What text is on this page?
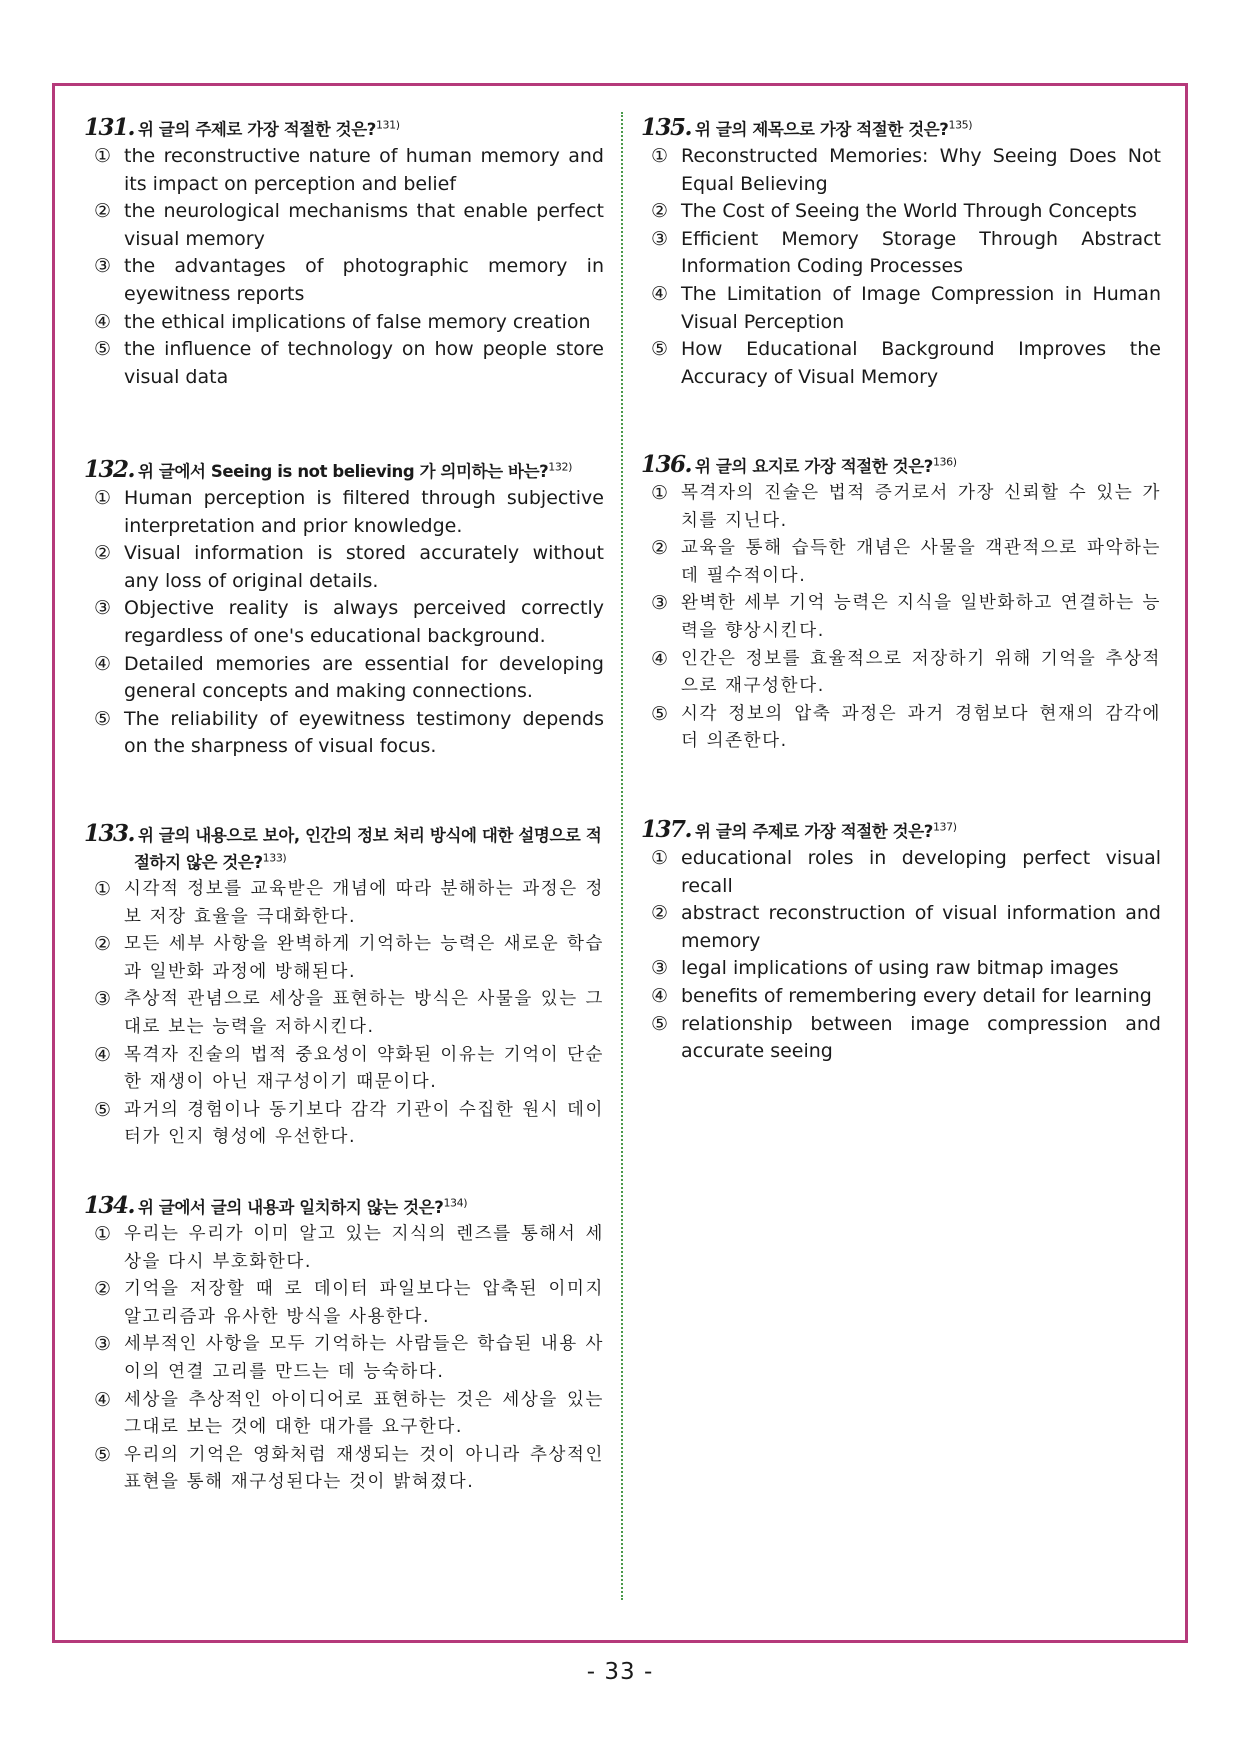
131. 위 글의 주제로 가장 적절한 것은?$^{131)}$
① the reconstructive nature of human memory and its impact on perception and belief
② the neurological mechanisms that enable perfect visual memory
③ the advantages of photographic memory in eyewitness reports
④ the ethical implications of false memory creation
⑤ the influence of technology on how people store visual data
132. 위 글에서 Seeing is not believing 가 의미하는 바는?$^{132)}$
① Human perception is filtered through subjective interpretation and prior knowledge.
② Visual information is stored accurately without any loss of original details.
③ Objective reality is always perceived correctly regardless of one's educational background.
④ Detailed memories are essential for developing general concepts and making connections.
⑤ The reliability of eyewitness testimony depends on the sharpness of visual focus.
133. 위 글의 내용으로 보아, 인간의 정보 처리 방식에 대한 설명으로 적절하지 않은 것은?$^{133)}$
① 시각적 정보를 교육받은 개념에 따라 분해하는 과정은 정보 저장 효율을 극대화한다.
② 모든 세부 사항을 완벽하게 기억하는 능력은 새로운 학습과 일반화 과정에 방해된다.
③ 추상적 관념으로 세상을 표현하는 방식은 사물을 있는 그대로 보는 능력을 저하시킨다.
④ 목격자 진술의 법적 중요성이 약화된 이유는 기억이 단순한 재생이 아닌 재구성이기 때문이다.
⑤ 과거의 경험이나 동기보다 감각 기관이 수집한 원시 데이터가 인지 형성에 우선한다.
134. 위 글에서 글의 내용과 일치하지 않는 것은?$^{134)}$
① 우리는 우리가 이미 알고 있는 지식의 렌즈를 통해서 세상을 다시 부호화한다.
② 기억을 저장할 때 로 데이터 파일보다는 압축된 이미지 알고리즘과 유사한 방식을 사용한다.
③ 세부적인 사항을 모두 기억하는 사람들은 학습된 내용 사이의 연결 고리를 만드는 데 능숙하다.
④ 세상을 추상적인 아이디어로 표현하는 것은 세상을 있는 그대로 보는 것에 대한 대가를 요구한다.
⑤ 우리의 기억은 영화처럼 재생되는 것이 아니라 추상적인 표현을 통해 재구성된다는 것이 밝혀졌다.
135. 위 글의 제목으로 가장 적절한 것은?$^{135)}$
① Reconstructed Memories: Why Seeing Does Not Equal Believing
② The Cost of Seeing the World Through Concepts
③ Efficient Memory Storage Through Abstract Information Coding Processes
④ The Limitation of Image Compression in Human Visual Perception
⑤ How Educational Background Improves the Accuracy of Visual Memory
136. 위 글의 요지로 가장 적절한 것은?$^{136)}$
① 목격자의 진술은 법적 증거로서 가장 신뢰할 수 있는 가치를 지닌다.
② 교육을 통해 습득한 개념은 사물을 객관적으로 파악하는 데 필수적이다.
③ 완벽한 세부 기억 능력은 지식을 일반화하고 연결하는 능력을 향상시킨다.
④ 인간은 정보를 효율적으로 저장하기 위해 기억을 추상적으로 재구성한다.
⑤ 시각 정보의 압축 과정은 과거 경험보다 현재의 감각에 더 의존한다.
137. 위 글의 주제로 가장 적절한 것은?$^{137)}$
① educational roles in developing perfect visual recall
② abstract reconstruction of visual information and memory
③ legal implications of using raw bitmap images
④ benefits of remembering every detail for learning
⑤ relationship between image compression and accurate seeing
- 33 -
